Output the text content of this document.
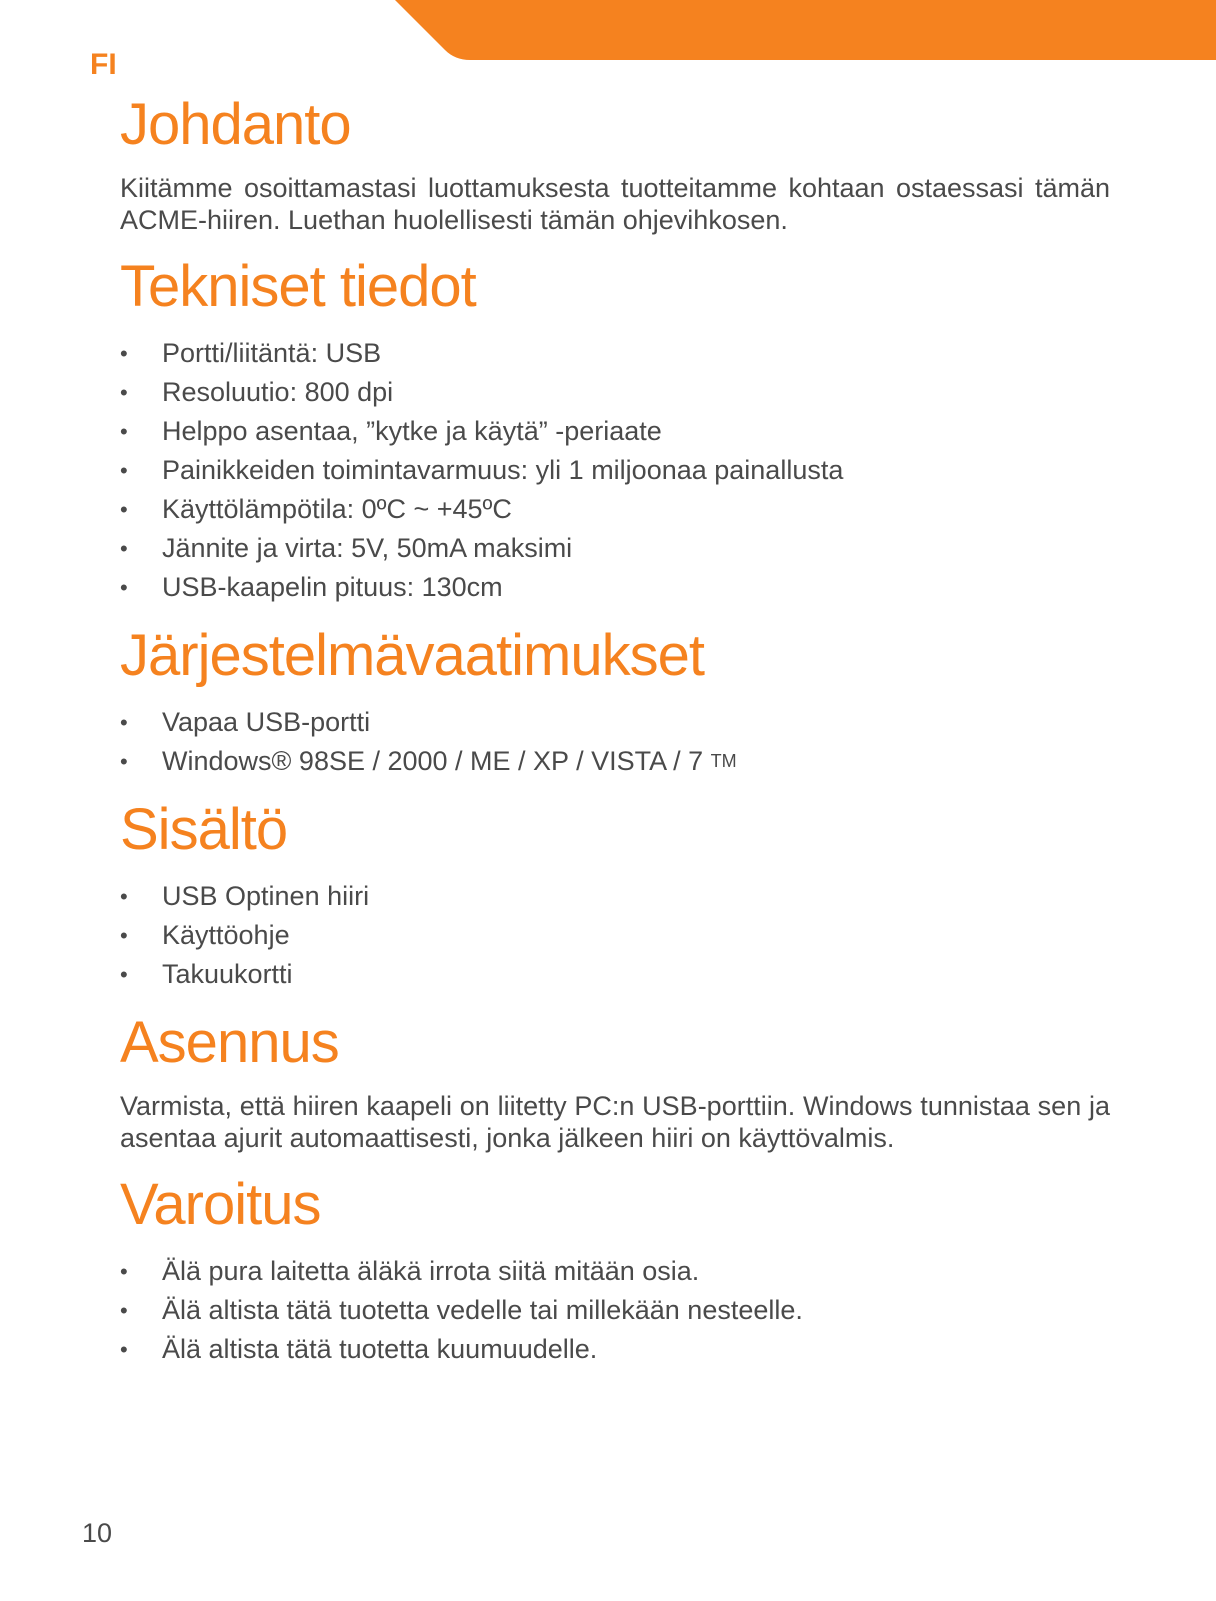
FI

Johdanto

Kiitämme osoittamastasi luottamuksesta tuotteitamme kohtaan ostaessasi tämän ACME-hiiren. Luethan huolellisesti tämän ohjevihkosen.

Tekniset tiedot
• Portti/liitäntä: USB
• Resoluutio: 800 dpi
• Helppo asentaa, ”kytke ja käytä” -periaate
• Painikkeiden toimintavarmuus: yli 1 miljoonaa painallusta
• Käyttölämpötila: 0ºC ~ +45ºC
• Jännite ja virta: 5V, 50mA maksimi
• USB-kaapelin pituus: 130cm
Järjestelmävaatimukset
• Vapaa USB-portti
• Windows® 98SE / 2000 / ME / XP / VISTA / 7 ™
Sisältö
• USB Optinen hiiri
• Käyttöohje
• Takuukortti
Asennus

Varmista, että hiiren kaapeli on liitetty PC:n USB-porttiin. Windows tunnistaa sen ja asentaa ajurit automaattisesti, jonka jälkeen hiiri on käyttövalmis.

Varoitus
• Älä pura laitetta äläkä irrota siitä mitään osia.
• Älä altista tätä tuotetta vedelle tai millekään nesteelle.
• Älä altista tätä tuotetta kuumuudelle.

10
